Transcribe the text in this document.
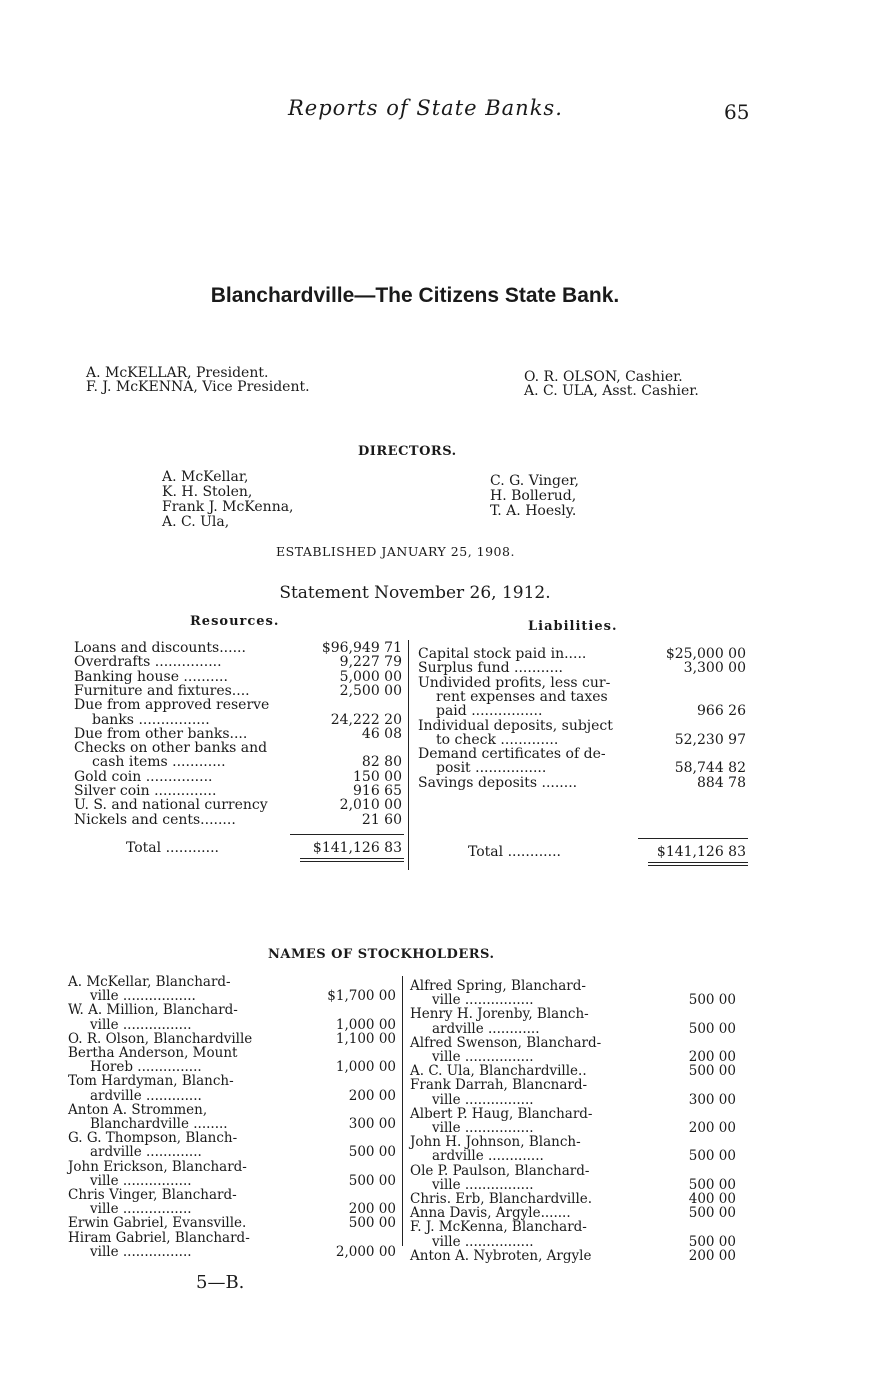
Reports of State Banks.	65
Blanchardville—The Citizens State Bank.
A. McKELLAR, President.
F. J. McKENNA, Vice President.
O. R. OLSON, Cashier.
A. C. ULA, Asst. Cashier.
DIRECTORS.
A. McKellar,
K. H. Stolen,
Frank J. McKenna,
A. C. Ula,
C. G. Vinger,
H. Bollerud,
T. A. Hoesly.
ESTABLISHED JANUARY 25, 1908.
Statement November 26, 1912.
Resources.
Loans and discounts......	$96,949 71
Overdrafts ...............	9,227 79
Banking house ..........	5,000 00
Furniture and fixtures....	2,500 00
Due from approved reserve
banks ................	24,222 20
Due from other banks....	46 08
Checks on other banks and
cash items ............	82 80
Gold coin ...............	150 00
Silver coin ..............	916 65
U. S. and national currency	2,010 00
Nickels and cents........	21 60
Total ............	$141,126 83
Liabilities.
Capital stock paid in.....	$25,000 00
Surplus fund ...........	3,300 00
Undivided profits, less cur-
rent expenses and taxes
paid ................	966 26
Individual deposits, subject
to check .............	52,230 97
Demand certificates of de-
posit ................	58,744 82
Savings deposits ........	884 78
Total ............	$141,126 83
NAMES OF STOCKHOLDERS.
A. McKellar, Blanchard-
ville .................	$1,700 00
W. A. Million, Blanchard-
ville ................	1,000 00
O. R. Olson, Blanchardville	1,100 00
Bertha Anderson, Mount
Horeb ...............	1,000 00
Tom Hardyman, Blanch-
ardville .............	200 00
Anton A. Strommen,
Blanchardville ........	300 00
G. G. Thompson, Blanch-
ardville .............	500 00
John Erickson, Blanchard-
ville ................	500 00
Chris Vinger, Blanchard-
ville ................	200 00
Erwin Gabriel, Evansville.	500 00
Hiram Gabriel, Blanchard-
ville ................	2,000 00
Alfred Spring, Blanchard-
ville ................	500 00
Henry H. Jorenby, Blanch-
ardville ............	500 00
Alfred Swenson, Blanchard-
ville ................	200 00
A. C. Ula, Blanchardville..	500 00
Frank Darrah, Blancnard-
ville ................	300 00
Albert P. Haug, Blanchard-
ville ................	200 00
John H. Johnson, Blanch-
ardville .............	500 00
Ole P. Paulson, Blanchard-
ville ................	500 00
Chris. Erb, Blanchardville.	400 00
Anna Davis, Argyle.......	500 00
F. J. McKenna, Blanchard-
ville ................	500 00
Anton A. Nybroten, Argyle	200 00
5—B.
